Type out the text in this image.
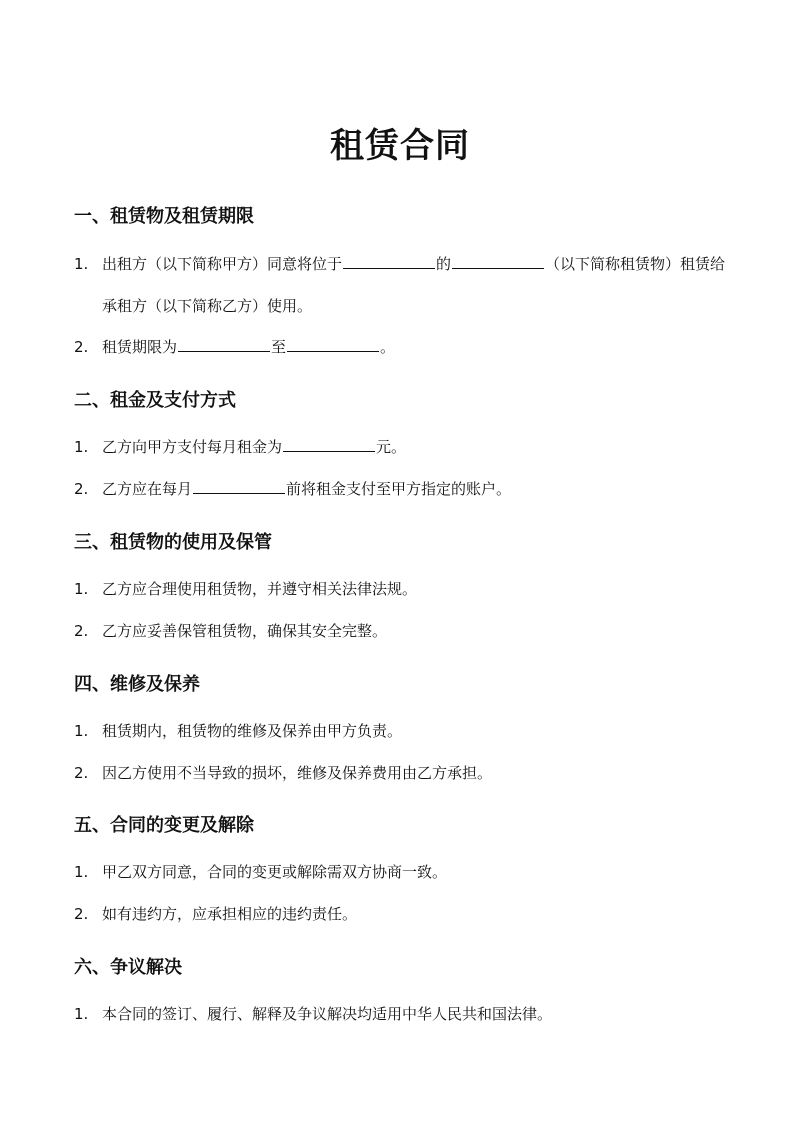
租赁合同
一、租赁物及租赁期限
1. 出租方（以下简称甲方）同意将位于	的	（以下简称租赁物）租赁给承租方（以下简称乙方）使用。
2. 租赁期限为	至	。
二、租金及支付方式
1. 乙方向甲方支付每月租金为	元。
2. 乙方应在每月	前将租金支付至甲方指定的账户。
三、租赁物的使用及保管
1. 乙方应合理使用租赁物，并遵守相关法律法规。
2. 乙方应妥善保管租赁物，确保其安全完整。
四、维修及保养
1. 租赁期内，租赁物的维修及保养由甲方负责。
2. 因乙方使用不当导致的损坏，维修及保养费用由乙方承担。
五、合同的变更及解除
1. 甲乙双方同意，合同的变更或解除需双方协商一致。
2. 如有违约方，应承担相应的违约责任。
六、争议解决
1. 本合同的签订、履行、解释及争议解决均适用中华人民共和国法律。
